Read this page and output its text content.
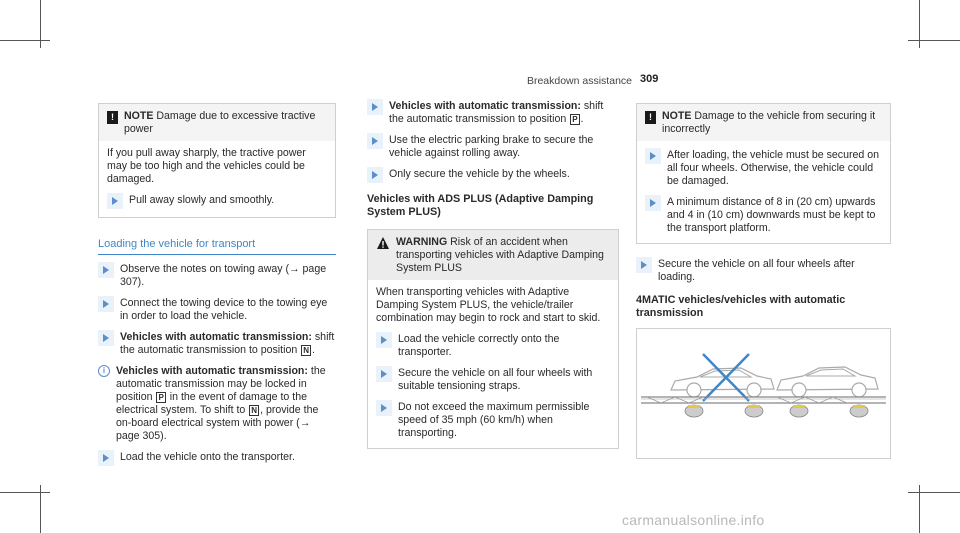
Breakdown assistance 309
! NOTE Damage due to excessive tractive power
If you pull away sharply, the tractive power may be too high and the vehicles could be damaged.
Pull away slowly and smoothly.
Loading the vehicle for transport
Observe the notes on towing away (→ page 307).
Connect the towing device to the towing eye in order to load the vehicle.
Vehicles with automatic transmission: shift the automatic transmission to position N .
i	Vehicles with automatic transmission: the automatic transmission may be locked in position P in the event of damage to the electrical system. To shift to N , provide the on-board electrical system with power (→ page 305).
Load the vehicle onto the transporter.
Vehicles with automatic transmission: shift the automatic transmission to position P .
Use the electric parking brake to secure the vehicle against rolling away.
Only secure the vehicle by the wheels.
Vehicles with ADS PLUS (Adaptive Damping System PLUS)
WARNING Risk of an accident when transporting vehicles with Adaptive Damping System PLUS
When transporting vehicles with Adaptive Damping System PLUS, the vehicle/trailer combination may begin to rock and start to skid.
Load the vehicle correctly onto the transporter.
Secure the vehicle on all four wheels with suitable tensioning straps.
Do not exceed the maximum permissible speed of 35 mph (60 km/h) when transporting.
! NOTE Damage to the vehicle from securing it incorrectly
After loading, the vehicle must be secured on all four wheels. Otherwise, the vehicle could be damaged.
A minimum distance of 8 in (20 cm) upwards and 4 in (10 cm) downwards must be kept to the transport platform.
Secure the vehicle on all four wheels after loading.
4MATIC vehicles/vehicles with automatic transmission
carmanualsonline.info
